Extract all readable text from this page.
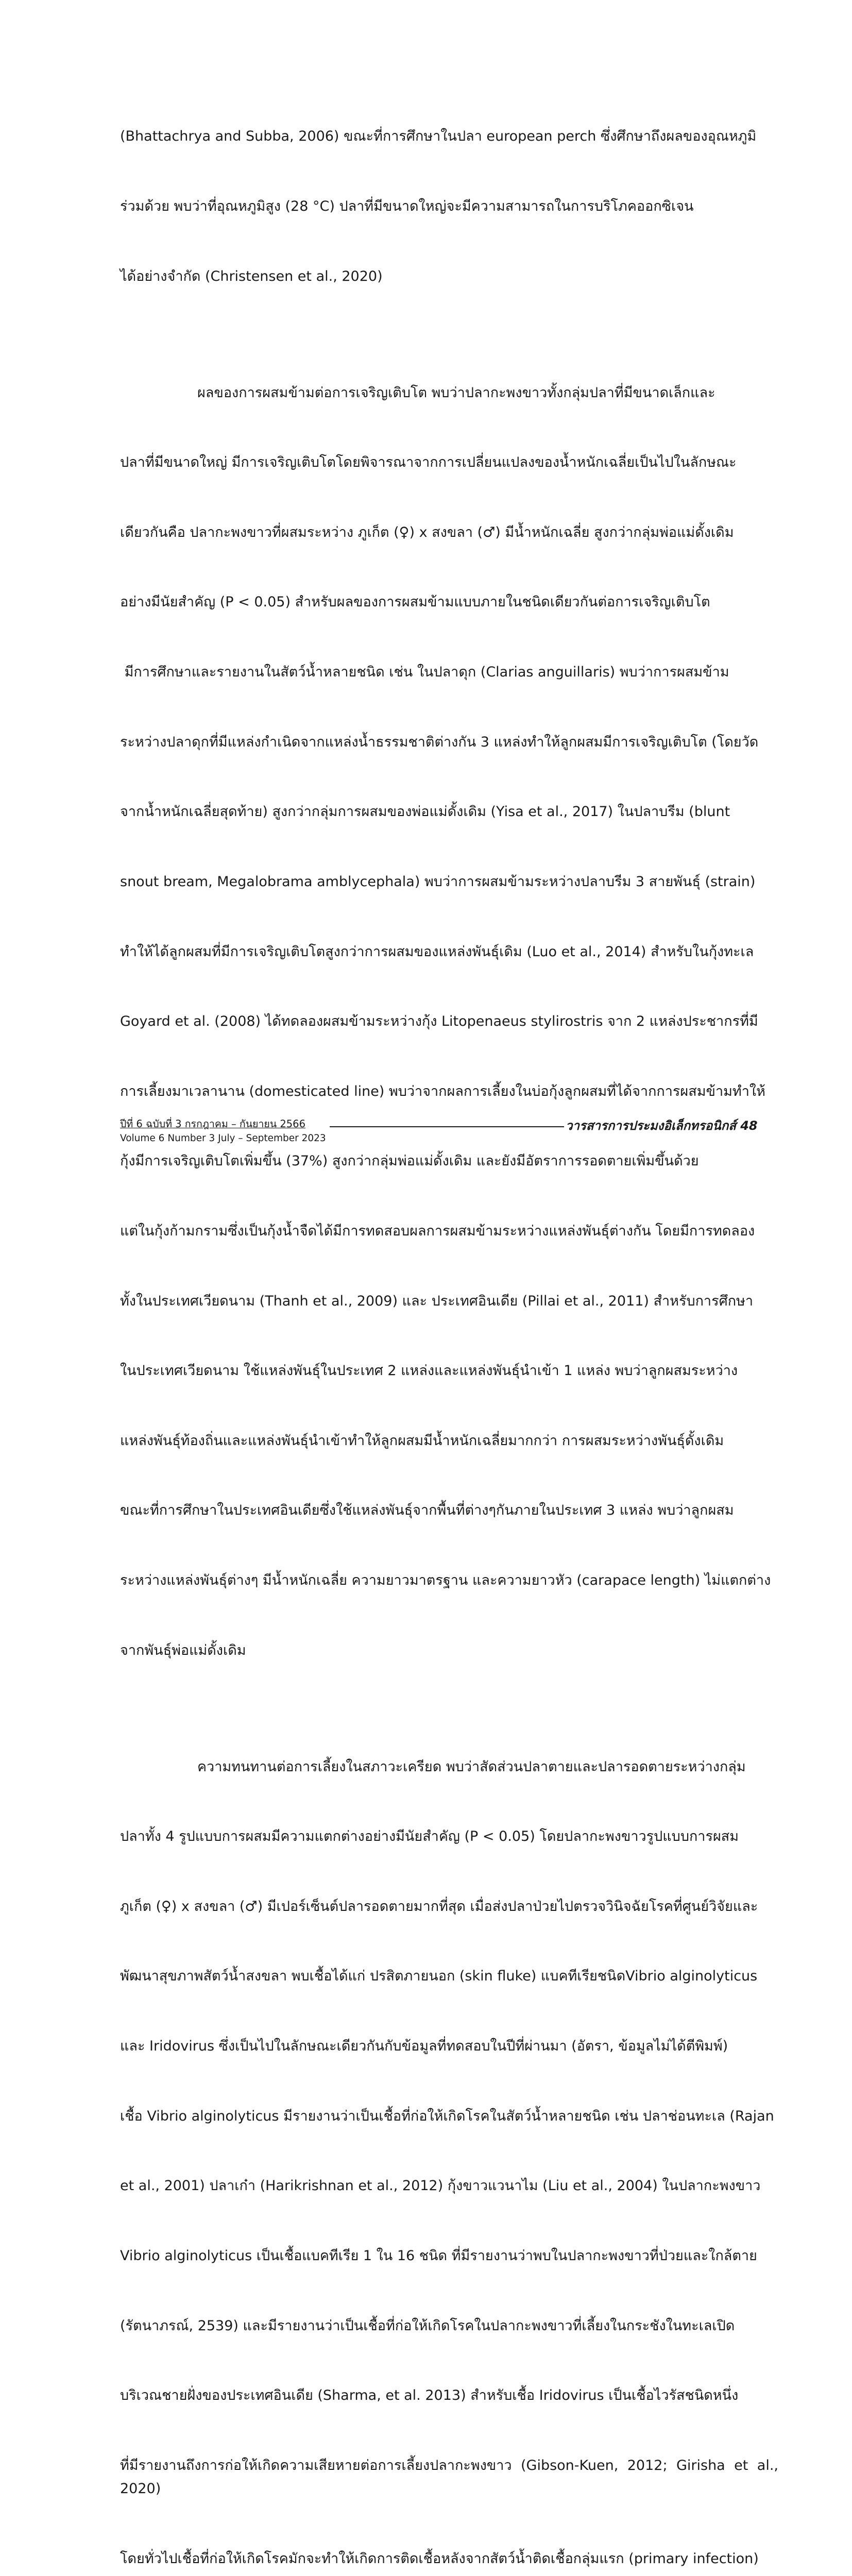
(Bhattachrya and Subba, 2006) ขณะที่การศึกษาในปลา european perch ซึ่งศึกษาถึงผลของอุณหภูมิ

ร่วมด้วย พบว่าที่อุณหภูมิสูง (28 °C) ปลาที่มีขนาดใหญ่จะมีความสามารถในการบริโภคออกซิเจน

ได้อย่างจำกัด (Christensen et al., 2020)

ผลของการผสมข้ามต่อการเจริญเติบโต พบว่าปลากะพงขาวทั้งกลุ่มปลาที่มีขนาดเล็กและ

ปลาที่มีขนาดใหญ่ มีการเจริญเติบโตโดยพิจารณาจากการเปลี่ยนแปลงของน้ำหนักเฉลี่ยเป็นไปในลักษณะ

เดียวกันคือ ปลากะพงขาวที่ผสมระหว่าง ภูเก็ต (♀) x สงขลา (♂) มีน้ำหนักเฉลี่ย สูงกว่ากลุ่มพ่อแม่ดั้งเดิม

อย่างมีนัยสำคัญ (P < 0.05) สำหรับผลของการผสมข้ามแบบภายในชนิดเดียวกันต่อการเจริญเติบโต

มีการศึกษาและรายงานในสัตว์น้ำหลายชนิด เช่น ในปลาดุก (Clarias anguillaris) พบว่าการผสมข้าม

ระหว่างปลาดุกที่มีแหล่งกำเนิดจากแหล่งน้ำธรรมชาติต่างกัน 3 แหล่งทำให้ลูกผสมมีการเจริญเติบโต (โดยวัด

จากน้ำหนักเฉลี่ยสุดท้าย) สูงกว่ากลุ่มการผสมของพ่อแม่ดั้งเดิม (Yisa et al., 2017) ในปลาบรีม (blunt

snout bream, Megalobrama amblycephala) พบว่าการผสมข้ามระหว่างปลาบรีม 3 สายพันธุ์ (strain)

ทำให้ได้ลูกผสมที่มีการเจริญเติบโตสูงกว่าการผสมของแหล่งพันธุ์เดิม (Luo et al., 2014) สำหรับในกุ้งทะเล

Goyard et al. (2008) ได้ทดลองผสมข้ามระหว่างกุ้ง Litopenaeus stylirostris จาก 2 แหล่งประชากรที่มี

การเลี้ยงมาเวลานาน (domesticated line) พบว่าจากผลการเลี้ยงในบ่อกุ้งลูกผสมที่ได้จากการผสมข้ามทำให้

กุ้งมีการเจริญเติบโตเพิ่มขึ้น (37%) สูงกว่ากลุ่มพ่อแม่ดั้งเดิม และยังมีอัตราการรอดตายเพิ่มขึ้นด้วย

แต่ในกุ้งก้ามกรามซึ่งเป็นกุ้งน้ำจืดได้มีการทดสอบผลการผสมข้ามระหว่างแหล่งพันธุ์ต่างกัน โดยมีการทดลอง

ทั้งในประเทศเวียดนาม (Thanh et al., 2009) และ ประเทศอินเดีย (Pillai et al., 2011) สำหรับการศึกษา

ในประเทศเวียดนาม ใช้แหล่งพันธุ์ในประเทศ 2 แหล่งและแหล่งพันธุ์นำเข้า 1 แหล่ง พบว่าลูกผสมระหว่าง

แหล่งพันธุ์ท้องถิ่นและแหล่งพันธุ์นำเข้าทำให้ลูกผสมมีน้ำหนักเฉลี่ยมากกว่า การผสมระหว่างพันธุ์ดั้งเดิม

ขณะที่การศึกษาในประเทศอินเดียซึ่งใช้แหล่งพันธุ์จากพื้นที่ต่างๆกันภายในประเทศ 3 แหล่ง พบว่าลูกผสม

ระหว่างแหล่งพันธุ์ต่างๆ มีน้ำหนักเฉลี่ย ความยาวมาตรฐาน และความยาวหัว (carapace length) ไม่แตกต่าง

จากพันธุ์พ่อแม่ดั้งเดิม

ความทนทานต่อการเลี้ยงในสภาวะเครียด พบว่าสัดส่วนปลาตายและปลารอดตายระหว่างกลุ่ม

ปลาทั้ง 4 รูปแบบการผสมมีความแตกต่างอย่างมีนัยสำคัญ (P < 0.05) โดยปลากะพงขาวรูปแบบการผสม

ภูเก็ต (♀) x สงขลา (♂) มีเปอร์เซ็นต์ปลารอดตายมากที่สุด เมื่อส่งปลาป่วยไปตรวจวินิจฉัยโรคที่ศูนย์วิจัยและ

พัฒนาสุขภาพสัตว์น้ำสงขลา พบเชื้อได้แก่ ปรสิตภายนอก (skin fluke) แบคทีเรียชนิดVibrio alginolyticus

และ Iridovirus ซึ่งเป็นไปในลักษณะเดียวกันกับข้อมูลที่ทดสอบในปีที่ผ่านมา (อัตรา, ข้อมูลไม่ได้ตีพิมพ์)

เชื้อ Vibrio alginolyticus มีรายงานว่าเป็นเชื้อที่ก่อให้เกิดโรคในสัตว์น้ำหลายชนิด เช่น ปลาช่อนทะเล (Rajan

et al., 2001) ปลาเก๋า (Harikrishnan et al., 2012) กุ้งขาวแวนาไม (Liu et al., 2004) ในปลากะพงขาว

Vibrio alginolyticus เป็นเชื้อแบคทีเรีย 1 ใน 16 ชนิด ที่มีรายงานว่าพบในปลากะพงขาวที่ป่วยและใกล้ตาย

(รัตนาภรณ์, 2539) และมีรายงานว่าเป็นเชื้อที่ก่อให้เกิดโรคในปลากะพงขาวที่เลี้ยงในกระชังในทะเลเปิด

บริเวณชายฝั่งของประเทศอินเดีย (Sharma, et al. 2013) สำหรับเชื้อ Iridovirus เป็นเชื้อไวรัสชนิดหนึ่ง

ที่มีรายงานถึงการก่อให้เกิดความเสียหายต่อการเลี้ยงปลากะพงขาว (Gibson-Kuen, 2012; Girisha et al., 2020)

โดยทั่วไปเชื้อที่ก่อให้เกิดโรคมักจะทำให้เกิดการติดเชื้อหลังจากสัตว์น้ำติดเชื้อกลุ่มแรก (primary infection)

ปีที่ 6 ฉบับที่ 3 กรกฎาคม – กันยายน 2566
Volume 6 Number 3 July – September 2023
วารสารการประมงอิเล็กทรอนิกส์ 48
